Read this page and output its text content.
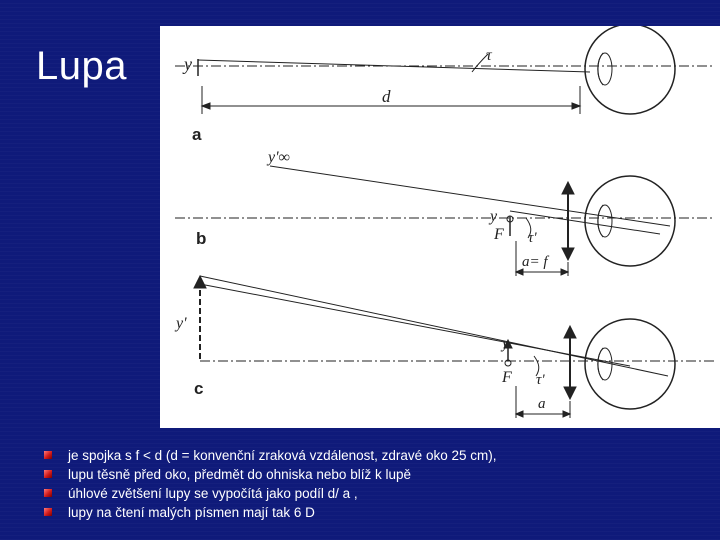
Lupa	y	τ
d
a
y'∞
y
F τ'
a= f
b
y'
y
F τ'
a
c
je spojka s f < d (d = konvenční zraková vzdálenost, zdravé oko 25 cm),
lupu těsně před oko, předmět do ohniska nebo blíž k lupě
úhlové zvětšení lupy se vypočítá jako podíl d/ a ,
lupy na čtení malých písmen mají tak 6 D
